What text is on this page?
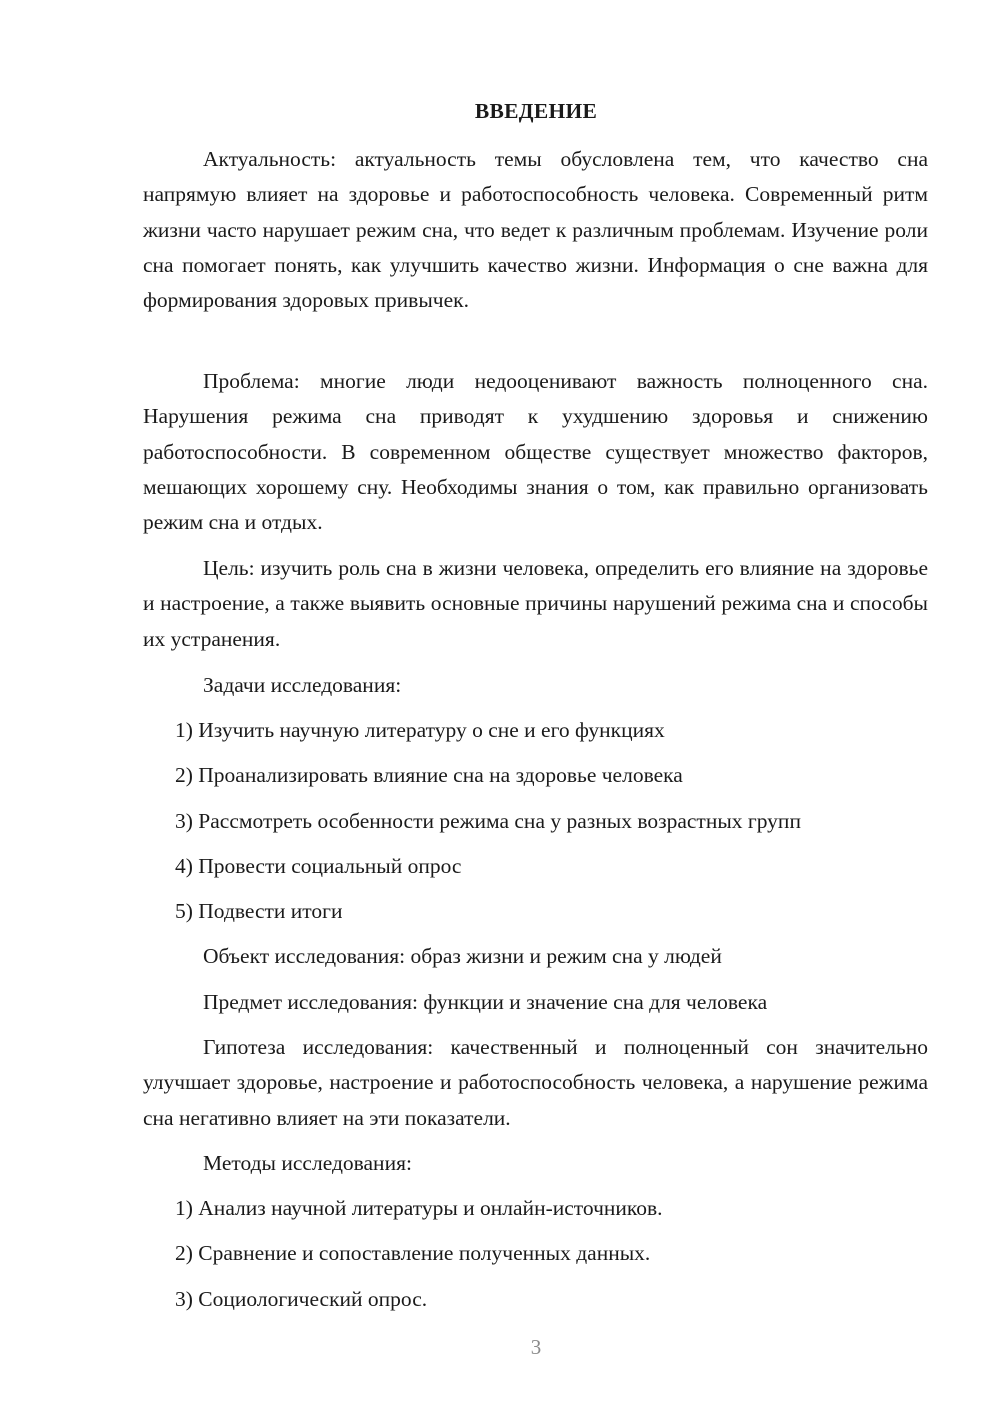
ВВЕДЕНИЕ
Актуальность: актуальность темы обусловлена тем, что качество сна напрямую влияет на здоровье и работоспособность человека. Современный ритм жизни часто нарушает режим сна, что ведет к различным проблемам. Изучение роли сна помогает понять, как улучшить качество жизни. Информация о сне важна для формирования здоровых привычек.
Проблема: многие люди недооценивают важность полноценного сна. Нарушения режима сна приводят к ухудшению здоровья и снижению работоспособности. В современном обществе существует множество факторов, мешающих хорошему сну. Необходимы знания о том, как правильно организовать режим сна и отдых.
Цель: изучить роль сна в жизни человека, определить его влияние на здоровье и настроение, а также выявить основные причины нарушений режима сна и способы их устранения.
Задачи исследования:
1) Изучить научную литературу о сне и его функциях
2) Проанализировать влияние сна на здоровье человека
3) Рассмотреть особенности режима сна у разных возрастных групп
4) Провести социальный опрос
5) Подвести итоги
Объект исследования: образ жизни и режим сна у людей
Предмет исследования: функции и значение сна для человека
Гипотеза исследования: качественный и полноценный сон значительно улучшает здоровье, настроение и работоспособность человека, а нарушение режима сна негативно влияет на эти показатели.
Методы исследования:
1) Анализ научной литературы и онлайн-источников.
2) Сравнение и сопоставление полученных данных.
3) Социологический опрос.
3
